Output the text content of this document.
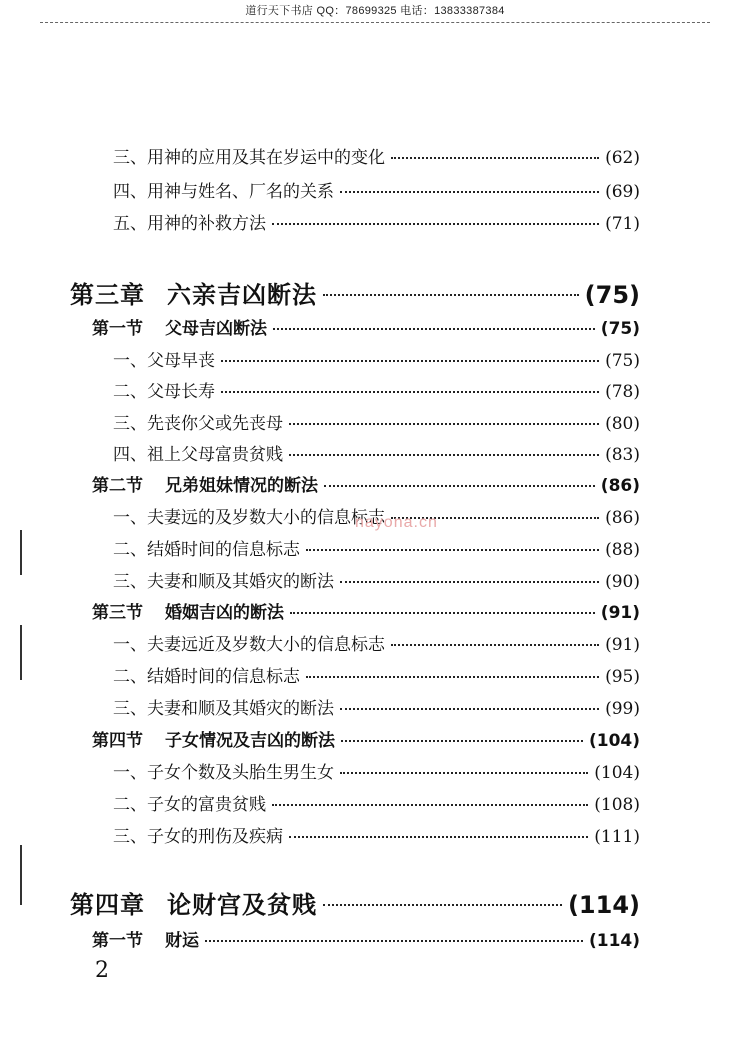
道行天下书店 QQ：78699325 电话：13833387384
三、用神的应用及其在岁运中的变化	(62)
四、用神与姓名、厂名的关系	(69)
五、用神的补救方法	(71)
第三章 六亲吉凶断法	(75)
第一节 父母吉凶断法	(75)
一、父母早丧	(75)
二、父母长寿	(78)
三、先丧你父或先丧母	(80)
四、祖上父母富贵贫贱	(83)
第二节 兄弟姐妹情况的断法	(86)
一、夫妻远的及岁数大小的信息标志	(86)
二、结婚时间的信息标志	(88)
三、夫妻和顺及其婚灾的断法	(90)
第三节 婚姻吉凶的断法	(91)
一、夫妻远近及岁数大小的信息标志	(91)
二、结婚时间的信息标志	(95)
三、夫妻和顺及其婚灾的断法	(99)
第四节 子女情况及吉凶的断法	(104)
一、子女个数及头胎生男生女	(104)
二、子女的富贵贫贱	(108)
三、子女的刑伤及疾病	(111)
第四章 论财宫及贫贱	(114)
第一节 财运	(114)
nayona.cn
2
